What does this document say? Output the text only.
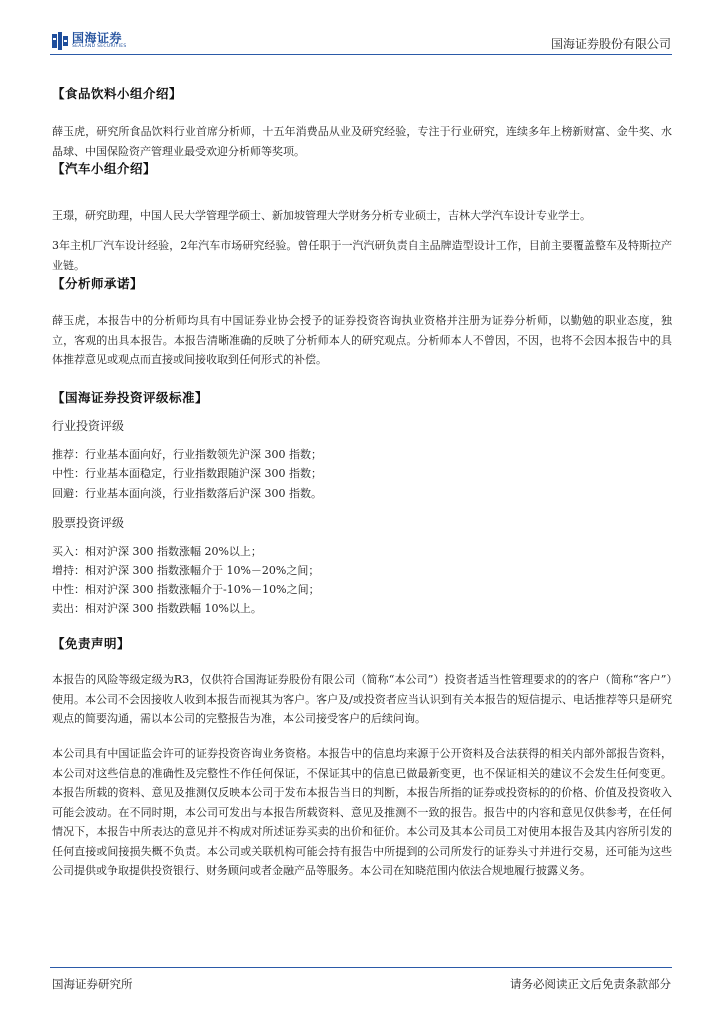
国海证券
SEALAND SECURITIES	国海证券股份有限公司
【食品饮料小组介绍】
薛玉虎，研究所食品饮料行业首席分析师，十五年消费品从业及研究经验，专注于行业研究，连续多年上榜新财富、金牛奖、水晶球、中国保险资产管理业最受欢迎分析师等奖项。
【汽车小组介绍】
王璟，研究助理，中国人民大学管理学硕士、新加坡管理大学财务分析专业硕士，吉林大学汽车设计专业学士。
3年主机厂汽车设计经验，2年汽车市场研究经验。曾任职于一汽汽研负责自主品牌造型设计工作，目前主要覆盖整车及特斯拉产业链。
【分析师承诺】
薛玉虎，本报告中的分析师均具有中国证券业协会授予的证券投资咨询执业资格并注册为证券分析师，以勤勉的职业态度，独立，客观的出具本报告。本报告清晰准确的反映了分析师本人的研究观点。分析师本人不曾因，不因，也将不会因本报告中的具体推荐意见或观点而直接或间接收取到任何形式的补偿。
【国海证券投资评级标准】
行业投资评级
推荐：行业基本面向好，行业指数领先沪深 300 指数；
中性：行业基本面稳定，行业指数跟随沪深 300 指数；
回避：行业基本面向淡，行业指数落后沪深 300 指数。
股票投资评级
买入：相对沪深 300 指数涨幅 20%以上；
增持：相对沪深 300 指数涨幅介于 10%－20%之间；
中性：相对沪深 300 指数涨幅介于-10%－10%之间；
卖出：相对沪深 300 指数跌幅 10%以上。
【免责声明】
本报告的风险等级定级为R3，仅供符合国海证券股份有限公司（简称“本公司”）投资者适当性管理要求的的客户（简称“客户”）使用。本公司不会因接收人收到本报告而视其为客户。客户及/或投资者应当认识到有关本报告的短信提示、电话推荐等只是研究观点的简要沟通，需以本公司的完整报告为准，本公司接受客户的后续问询。
本公司具有中国证监会许可的证券投资咨询业务资格。本报告中的信息均来源于公开资料及合法获得的相关内部外部报告资料，本公司对这些信息的准确性及完整性不作任何保证，不保证其中的信息已做最新变更，也不保证相关的建议不会发生任何变更。本报告所载的资料、意见及推测仅反映本公司于发布本报告当日的判断，本报告所指的证券或投资标的的价格、价值及投资收入可能会波动。在不同时期，本公司可发出与本报告所载资料、意见及推测不一致的报告。报告中的内容和意见仅供参考，在任何情况下，本报告中所表达的意见并不构成对所述证券买卖的出价和征价。本公司及其本公司员工对使用本报告及其内容所引发的任何直接或间接损失概不负责。本公司或关联机构可能会持有报告中所提到的公司所发行的证券头寸并进行交易，还可能为这些公司提供或争取提供投资银行、财务顾问或者金融产品等服务。本公司在知晓范围内依法合规地履行披露义务。
国海证券研究所	请务必阅读正文后免责条款部分
